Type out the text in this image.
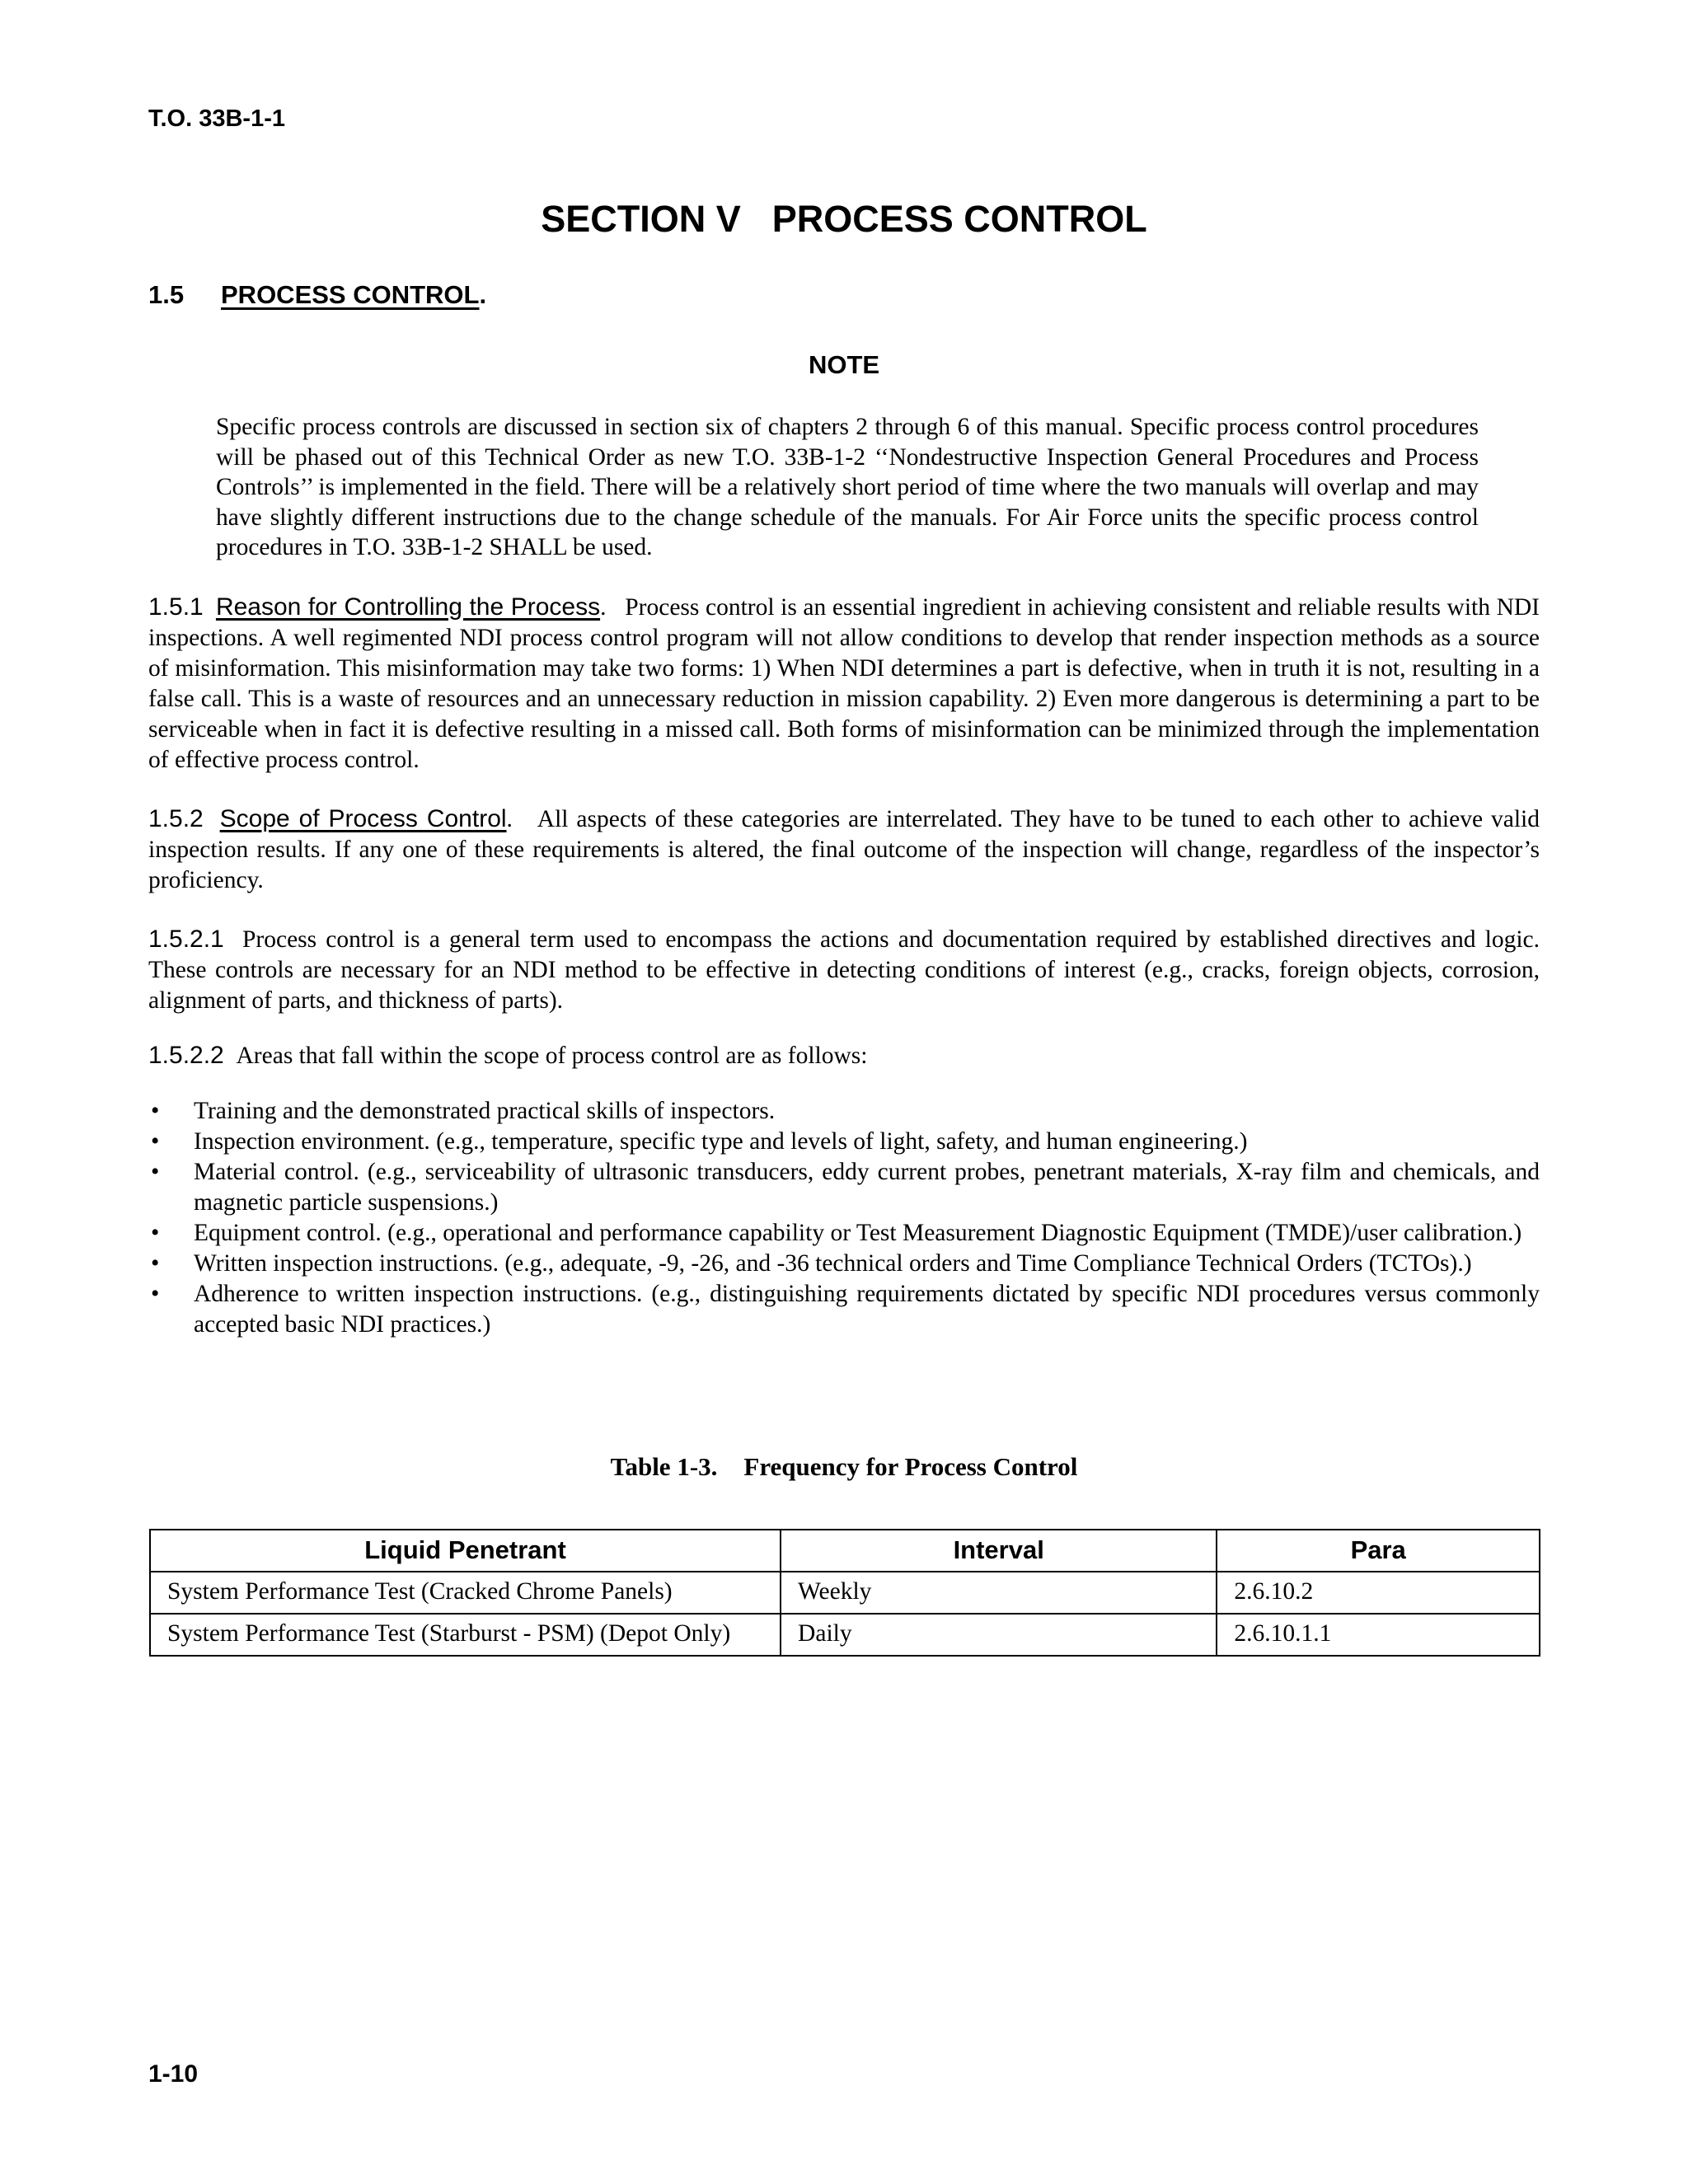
T.O. 33B-1-1
SECTION V PROCESS CONTROL
1.5 PROCESS CONTROL.
NOTE
Specific process controls are discussed in section six of chapters 2 through 6 of this manual. Specific process control procedures will be phased out of this Technical Order as new T.O. 33B-1-2 ‘‘Nondestructive Inspection General Procedures and Process Controls’’ is implemented in the field. There will be a relatively short period of time where the two manuals will overlap and may have slightly different instructions due to the change schedule of the manuals. For Air Force units the specific process control procedures in T.O. 33B-1-2 SHALL be used.
1.5.1 Reason for Controlling the Process.   Process control is an essential ingredient in achieving consistent and reliable results with NDI inspections. A well regimented NDI process control program will not allow conditions to develop that render inspection methods as a source of misinformation. This misinformation may take two forms: 1) When NDI determines a part is defective, when in truth it is not, resulting in a false call. This is a waste of resources and an unnecessary reduction in mission capability. 2) Even more dangerous is determining a part to be serviceable when in fact it is defective resulting in a missed call. Both forms of misinformation can be minimized through the implementation of effective process control.
1.5.2 Scope of Process Control.   All aspects of these categories are interrelated. They have to be tuned to each other to achieve valid inspection results. If any one of these requirements is altered, the final outcome of the inspection will change, regardless of the inspector’s proficiency.
1.5.2.1 Process control is a general term used to encompass the actions and documentation required by established directives and logic. These controls are necessary for an NDI method to be effective in detecting conditions of interest (e.g., cracks, foreign objects, corrosion, alignment of parts, and thickness of parts).
1.5.2.2 Areas that fall within the scope of process control are as follows:
• Training and the demonstrated practical skills of inspectors.
• Inspection environment. (e.g., temperature, specific type and levels of light, safety, and human engineering.)
• Material control. (e.g., serviceability of ultrasonic transducers, eddy current probes, penetrant materials, X-ray film and chemicals, and magnetic particle suspensions.)
• Equipment control. (e.g., operational and performance capability or Test Measurement Diagnostic Equipment (TMDE)/user calibration.)
• Written inspection instructions. (e.g., adequate, -9, -26, and -36 technical orders and Time Compliance Technical Orders (TCTOs).)
• Adherence to written inspection instructions. (e.g., distinguishing requirements dictated by specific NDI procedures versus commonly accepted basic NDI practices.)
Table 1-3. Frequency for Process Control
Liquid Penetrant	Interval	Para
System Performance Test (Cracked Chrome Panels)	Weekly	2.6.10.2
System Performance Test (Starburst - PSM) (Depot Only)	Daily	2.6.10.1.1
1-10
